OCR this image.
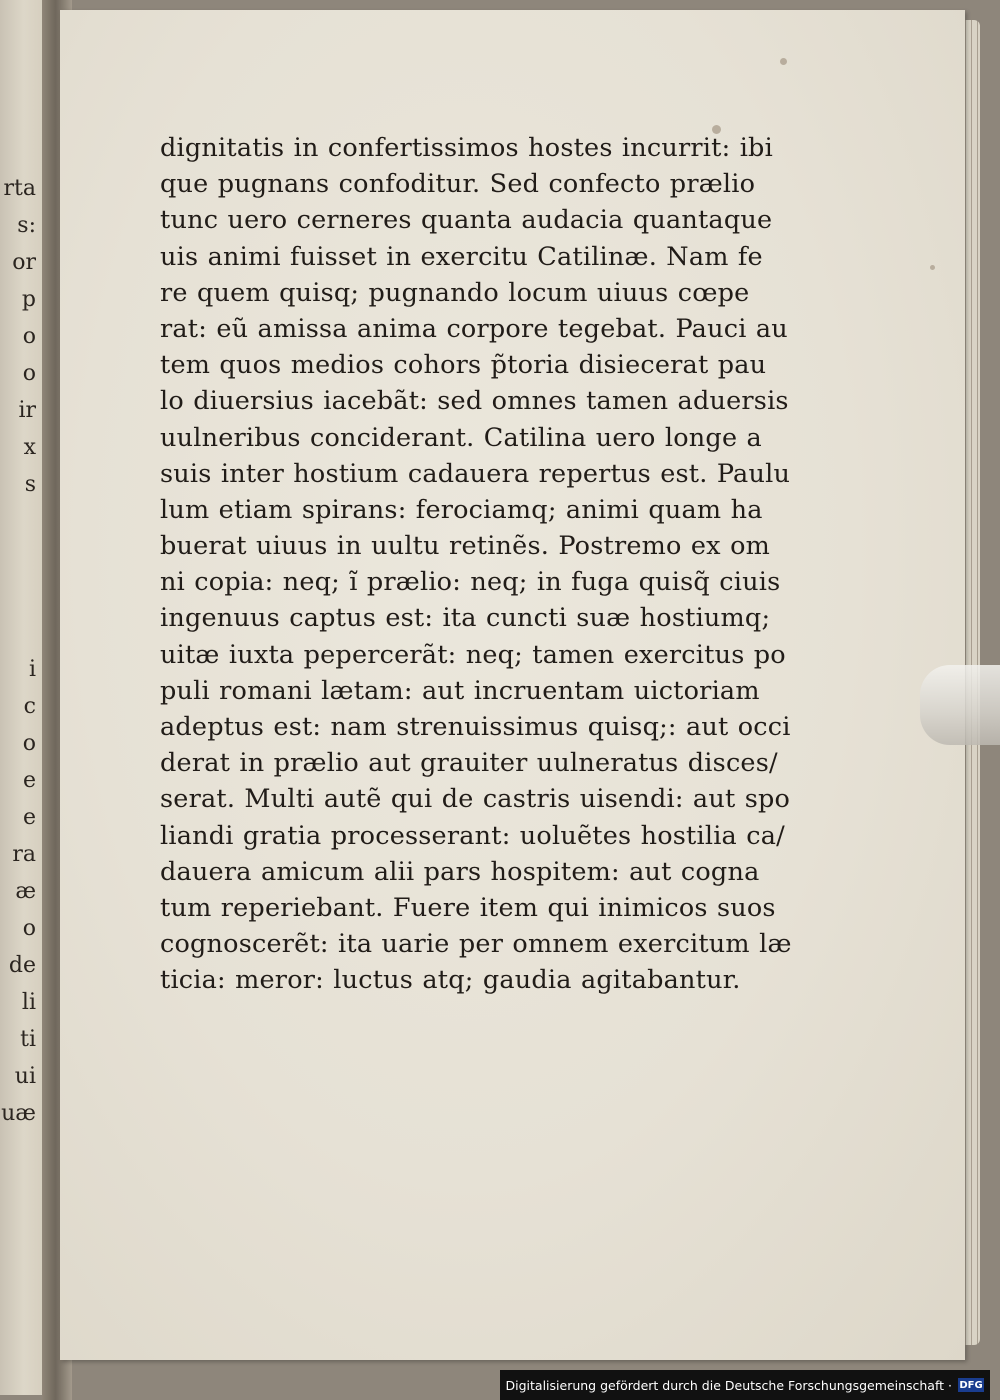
rta
s:
or
p
o
o
ir
x
s
i
c
o
e
e
ra
æ
o
de
li
ti
ui
uæ
dignitatis in confertissimos hostes incurrit: ibi
que pugnans confoditur. Sed confecto prælio
tunc uero cerneres quanta audacia quantaque
uis animi fuisset in exercitu Catilinæ. Nam fe
re quem quisq; pugnando locum uiuus cœpe
rat: eũ amissa anima corpore tegebat. Pauci au
tem quos medios cohors p̃toria disiecerat pau
lo diuersius iacebãt: sed omnes tamen aduersis
uulneribus conciderant. Catilina uero longe a
suis inter hostium cadauera repertus est. Paulu
lum etiam spirans: ferociamq; animi quam ha
buerat uiuus in uultu retinẽs. Postremo ex om
ni copia: neq; ĩ prælio: neq; in fuga quisq̃ ciuis
ingenuus captus est: ita cuncti suæ hostiumq;
uitæ iuxta pepercerãt: neq; tamen exercitus po
puli romani lætam: aut incruentam uictoriam
adeptus est: nam strenuissimus quisq;: aut occi
derat in prælio aut grauiter uulneratus disces/
serat. Multi autẽ qui de castris uisendi: aut spo
liandi gratia processerant: uoluẽtes hostilia ca/
dauera amicum alii pars hospitem: aut cogna
tum reperiebant. Fuere item qui inimicos suos
cognoscerẽt: ita uarie per omnem exercitum læ
ticia: meror: luctus atq; gaudia agitabantur.
Digitalisierung gefördert durch die Deutsche Forschungsgemeinschaft · DFG
